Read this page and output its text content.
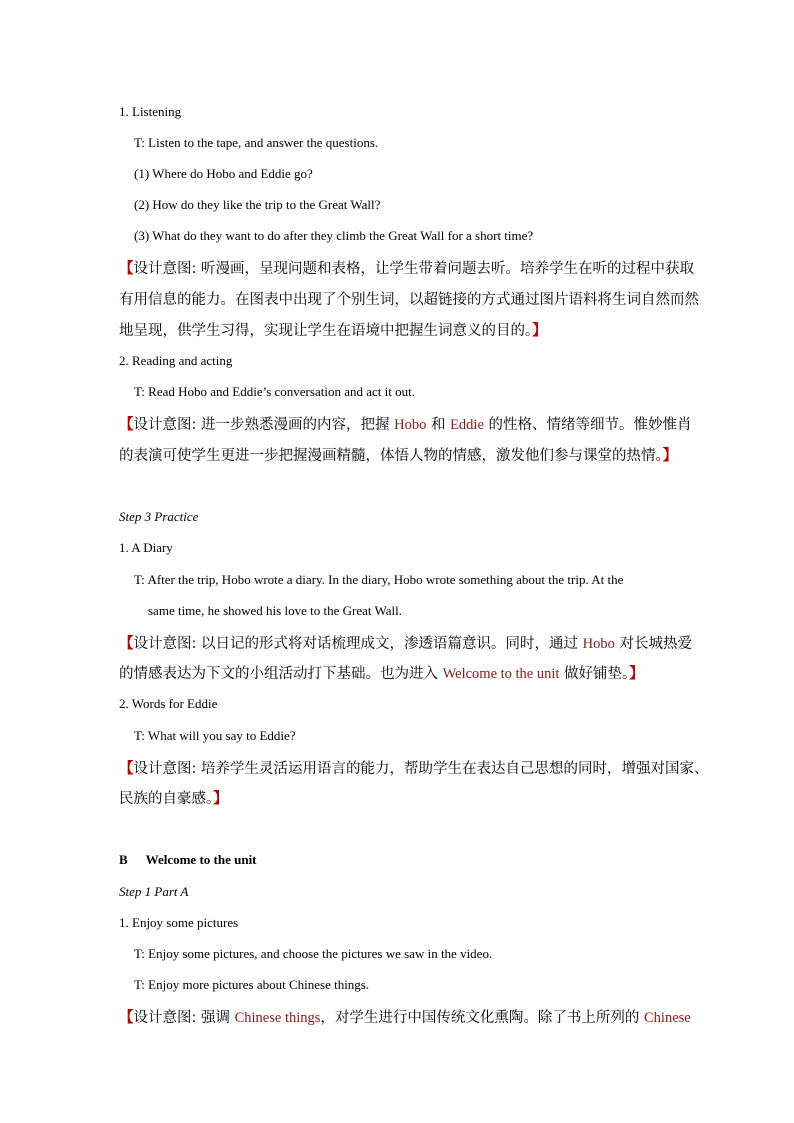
1. Listening
T: Listen to the tape, and answer the questions.
(1) Where do Hobo and Eddie go?
(2) How do they like the trip to the Great Wall?
(3) What do they want to do after they climb the Great Wall for a short time?
【设计意图: 听漫画，呈现问题和表格，让学生带着问题去听。培养学生在听的过程中获取
有用信息的能力。在图表中出现了个别生词，以超链接的方式通过图片语料将生词自然而然
地呈现，供学生习得，实现让学生在语境中把握生词意义的目的。】
2. Reading and acting
T: Read Hobo and Eddie’s conversation and act it out.
【设计意图: 进一步熟悉漫画的内容，把握 Hobo 和 Eddie 的性格、情绪等细节。惟妙惟肖
的表演可使学生更进一步把握漫画精髓，体悟人物的情感，激发他们参与课堂的热情。】
Step 3 Practice
1. A Diary
T: After the trip, Hobo wrote a diary. In the diary, Hobo wrote something about the trip. At the
same time, he showed his love to the Great Wall.
【设计意图: 以日记的形式将对话梳理成文，渗透语篇意识。同时，通过 Hobo 对长城热爱
的情感表达为下文的小组活动打下基础。也为进入 Welcome to the unit 做好铺垫。】
2. Words for Eddie
T: What will you say to Eddie?
【设计意图: 培养学生灵活运用语言的能力，帮助学生在表达自己思想的同时，增强对国家、
民族的自豪感。】
B Welcome to the unit
Step 1 Part A
1. Enjoy some pictures
T: Enjoy some pictures, and choose the pictures we saw in the video.
T: Enjoy more pictures about Chinese things.
【设计意图: 强调 Chinese things，对学生进行中国传统文化熏陶。除了书上所列的 Chinese
